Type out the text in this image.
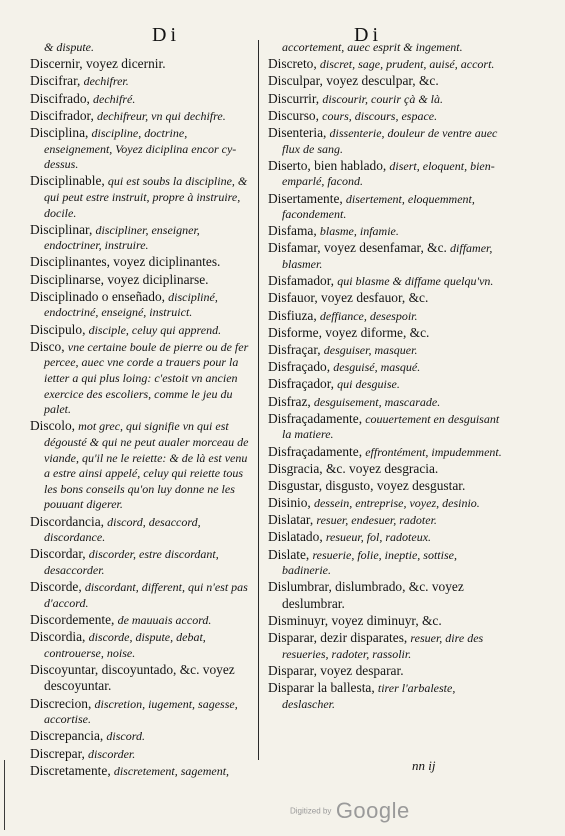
Di	Di
& dispute.
Discernir, voyez dicernir.
Discifrar, dechifrer.
Discifrado, dechifré.
Discifrador, dechifreur, vn qui dechifre.
Disciplina, discipline, doctrine, enseignement, Voyez diciplina encor cy-dessus.
Disciplinable, qui est soubs la discipline, & qui peut estre instruit, propre à instruire, docile.
Disciplinar, discipliner, enseigner, endoctriner, instruire.
Disciplinantes, voyez diciplinantes.
Disciplinarse, voyez diciplinarse.
Disciplinado o enseñado, discipliné, endoctriné, enseigné, instruict.
Discipulo, disciple, celuy qui apprend.
Disco, vne certaine boule de pierre ou de fer percee, auec vne corde a trauers pour la ietter a qui plus loing: c'estoit vn ancien exercice des escoliers, comme le jeu du palet.
Discolo, mot grec, qui signifie vn qui est dégousté & qui ne peut aualer morceau de viande, qu'il ne le reiette: & de là est venu a estre ainsi appelé, celuy qui reiette tous les bons conseils qu'on luy donne ne les pouuant digerer.
Discordancia, discord, desaccord, discordance.
Discordar, discorder, estre discordant, desaccorder.
Discorde, discordant, different, qui n'est pas d'accord.
Discordemente, de mauuais accord.
Discordia, discorde, dispute, debat, controuerse, noise.
Discoyuntar, discoyuntado, &c. voyez descoyuntar.
Discrecion, discretion, iugement, sagesse, accortise.
Discrepancia, discord.
Discrepar, discorder.
Discretamente, discretement, sagement,
accortement, auec esprit & ingement.
Discreto, discret, sage, prudent, auisé, accort.
Disculpar, voyez desculpar, &c.
Discurrir, discourir, courir çà & là.
Discurso, cours, discours, espace.
Disenteria, dissenterie, douleur de ventre auec flux de sang.
Diserto, bien hablado, disert, eloquent, bien-emparlé, facond.
Disertamente, disertement, eloquemment, facondement.
Disfama, blasme, infamie.
Disfamar, voyez desenfamar, &c. diffamer, blasmer.
Disfamador, qui blasme & diffame quelqu'vn.
Disfauor, voyez desfauor, &c.
Disfiuza, deffiance, desespoir.
Disforme, voyez diforme, &c.
Disfraçar, desguiser, masquer.
Disfraçado, desguisé, masqué.
Disfraçador, qui desguise.
Disfraz, desguisement, mascarade.
Disfraçadamente, couuertement en desguisant la matiere.
Disfraçadamente, effrontément, impudemment.
Disgracia, &c. voyez desgracia.
Disgustar, disgusto, voyez desgustar.
Disinio, dessein, entreprise, voyez, desinio.
Dislatar, resuer, endesuer, radoter.
Dislatado, resueur, fol, radoteux.
Dislate, resuerie, folie, ineptie, sottise, badinerie.
Dislumbrar, dislumbrado, &c. voyez deslumbrar.
Disminuyr, voyez diminuyr, &c.
Disparar, dezir disparates, resuer, dire des resueries, radoter, rassolir.
Disparar, voyez desparar.
Disparar la ballesta, tirer l'arbaleste, deslascher.
nn ij
Digitized by Google
